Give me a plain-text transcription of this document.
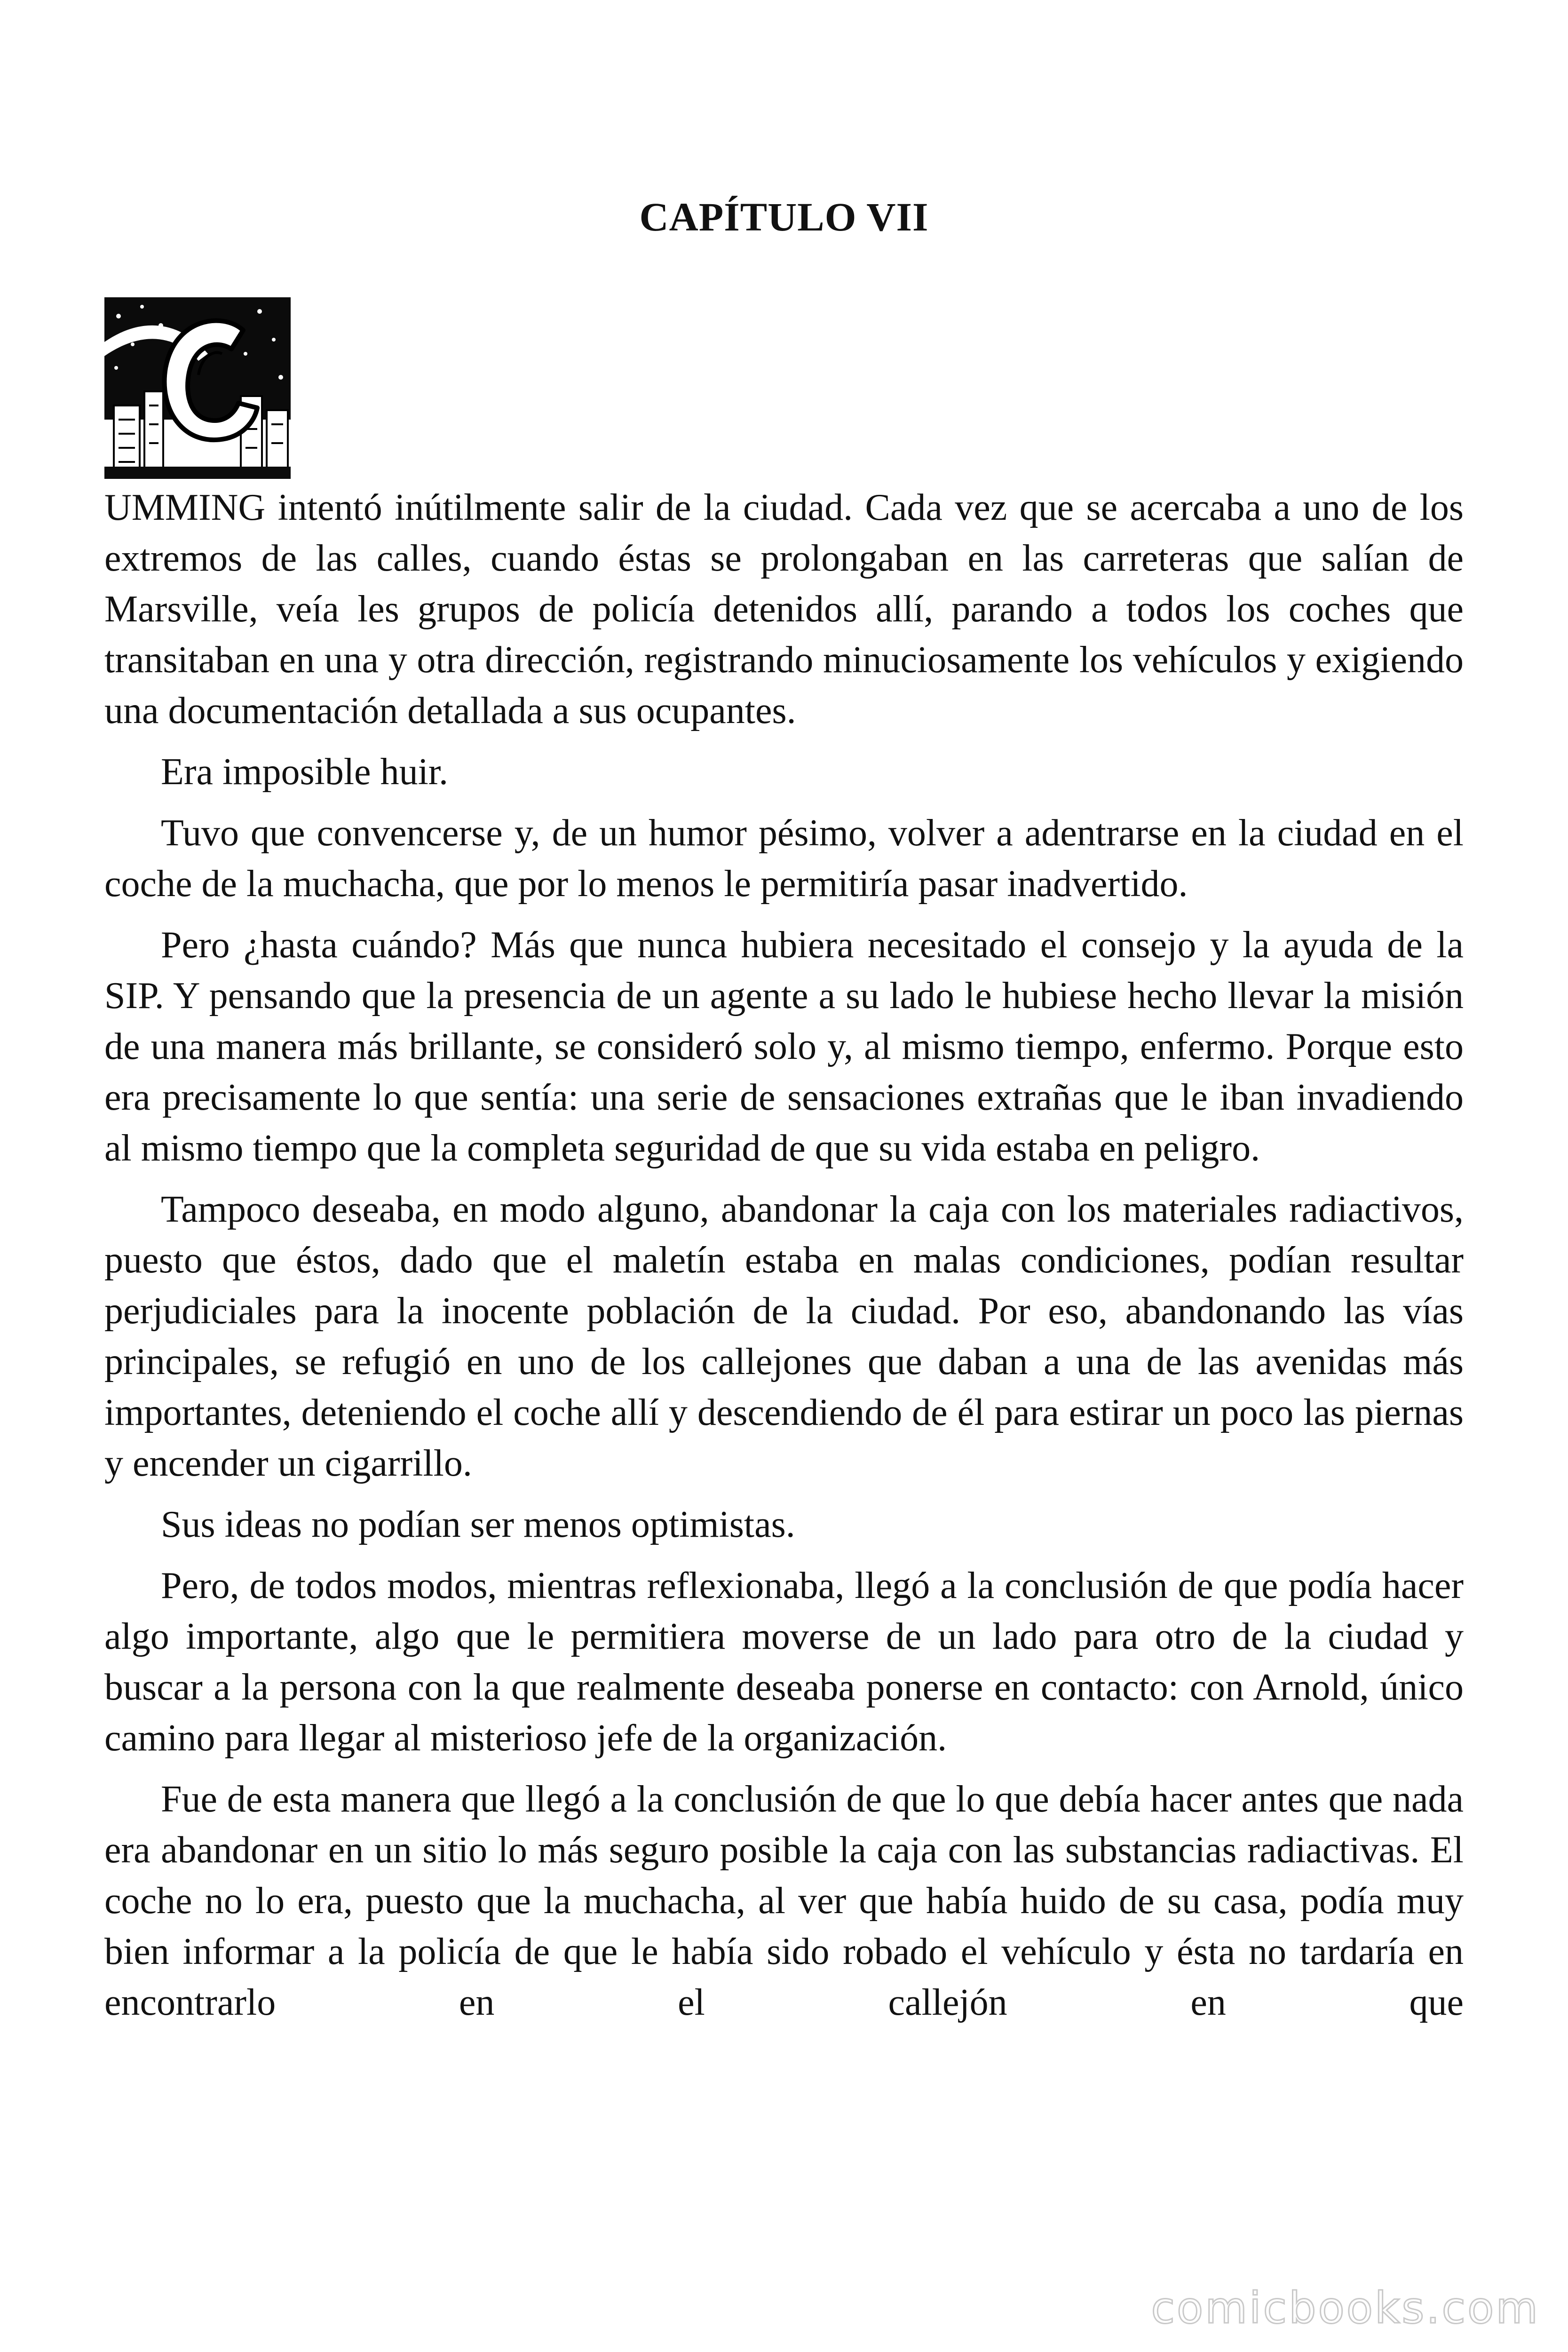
CAPÍTULO VII

UMMING intentó inútilmente salir de la ciudad. Cada vez que se acercaba a uno de los extremos de las calles, cuando éstas se prolongaban en las carreteras que salían de Marsville, veía les grupos de policía detenidos allí, parando a todos los coches que transitaban en una y otra dirección, registrando minuciosamente los vehículos y exigiendo una documentación detallada a sus ocupantes.

Era imposible huir.

Tuvo que convencerse y, de un humor pésimo, volver a adentrarse en la ciudad en el coche de la muchacha, que por lo menos le permitiría pasar inadvertido.

Pero ¿hasta cuándo? Más que nunca hubiera necesitado el consejo y la ayuda de la SIP. Y pensando que la presencia de un agente a su lado le hubiese hecho llevar la misión de una manera más brillante, se consideró solo y, al mismo tiempo, enfermo. Porque esto era precisamente lo que sentía: una serie de sensaciones extrañas que le iban invadiendo al mismo tiempo que la completa seguridad de que su vida estaba en peligro.

Tampoco deseaba, en modo alguno, abandonar la caja con los materiales radiactivos, puesto que éstos, dado que el maletín estaba en malas condiciones, podían resultar perjudiciales para la inocente población de la ciudad. Por eso, abandonando las vías principales, se refugió en uno de los callejones que daban a una de las avenidas más importantes, deteniendo el coche allí y descendiendo de él para estirar un poco las piernas y encender un cigarrillo.

Sus ideas no podían ser menos optimistas.

Pero, de todos modos, mientras reflexionaba, llegó a la conclusión de que podía hacer algo importante, algo que le permitiera moverse de un lado para otro de la ciudad y buscar a la persona con la que realmente deseaba ponerse en contacto: con Arnold, único camino para llegar al misterioso jefe de la organización.

Fue de esta manera que llegó a la conclusión de que lo que debía hacer antes que nada era abandonar en un sitio lo más seguro posible la caja con las substancias radiactivas. El coche no lo era, puesto que la muchacha, al ver que había huido de su casa, podía muy bien informar a la policía de que le había sido robado el vehículo y ésta no tardaría en encontrarlo en el callejón en que

comicbooks.com
